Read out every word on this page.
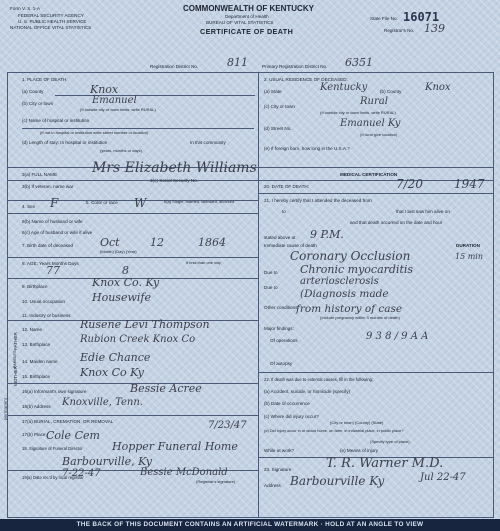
Form V. S. 1-A
FEDERAL SECURITY AGENCY
U. S. PUBLIC HEALTH SERVICE
NATIONAL OFFICE VITAL STATISTICS
COMMONWEALTH OF KENTUCKY
Department of Health
BUREAU OF VITAL STATISTICS
CERTIFICATE OF DEATH
State File No. 16071
Registrar's No. 139
Registration District No.	811	Primary Registration District No. 6351
1. PLACE OF DEATH:
(a) County	Knox
(b) City or town	Emanuel
(If outside city or town limits, write RURAL)
(c) Name of hospital or institution
(If not in hospital or institution write street number or location)
(d) Length of stay: In hospital or institution	In this community
(years, months or days)
2. USUAL RESIDENCE OF DECEASED:
(a) State	Kentucky	(b) County Knox
(c) City or town	Rural
(If outside city or town limits, write RURAL)
(d) Street No.	Emanuel Ky
(If rural give location)
(e) If foreign born, how long in the U.S.A.?
3(a) FULL NAME Mrs Elizabeth Williams
3(b) If veteran, name war
3(c) Social Security No.
4. Sex F	5. Color or race W	6(a) Single, married, widowed, divorced
6(b) Name of husband or wife
6(c) Age of husband or wife if alive
7. Birth date of deceased Oct	12	1864
(Month) (Day) (Year)
8. AGE: Years Months Days
77	8
If less than one day
9. Birthplace	Knox Co. Ky
10. Usual occupation Housewife
11. Industry or business
FATHER
MOTHER
PARENTS
12. Name	Rusene Levi Thompson
13. Birthplace	Rubion Creek Knox Co
14. Maiden name Edie Chance
15. Birthplace	Knox Co Ky
16(a) Informant's own signature	Bessie Acree
16(b) Address Knoxville, Tenn.
17(a) BURIAL, CREMATION, OR REMOVAL	7/23/47
17(b) Place Cole Cem
18. Signature of Funeral Director	Hopper Funeral Home
Barbourville, Ky
19(a) Date rec'd by local registrar
7-22-47	Bessie McDonald
(Registrar's signature)
MEDICAL CERTIFICATION
20. DATE OF DEATH:	7/20	1947
21. I hereby certify that I attended the deceased from
to	that I last saw him alive on
and that death occurred on the date and hour
stated above at 9 P.M.
DURATION
Immediate cause of death
Coronary Occlusion	15 min
Due to Chronic myocarditis
arteriosclerosis
Due to
(Diagnosis made
Other conditions
from history of case
(Include pregnancy within 3 months of death)
Major findings:
Of operations	9 3 8 / 9 A A
Of autopsy
22. If death was due to external causes, fill in the following:
(a) Accident, suicide, or homicide (specify)
(b) Date of occurrence
(c) Where did injury occur?
(City or town) (County) (State)
(d) Did injury occur in or about home, on farm, in industrial place, in public place?
(Specify type of place)
While at work?	(e) Means of injury
23. Signature	T. R. Warner M.D.
Address Barbourville Ky	Jul 22-47
permanent
THE BACK OF THIS DOCUMENT CONTAINS AN ARTIFICIAL WATERMARK · HOLD AT AN ANGLE TO VIEW
